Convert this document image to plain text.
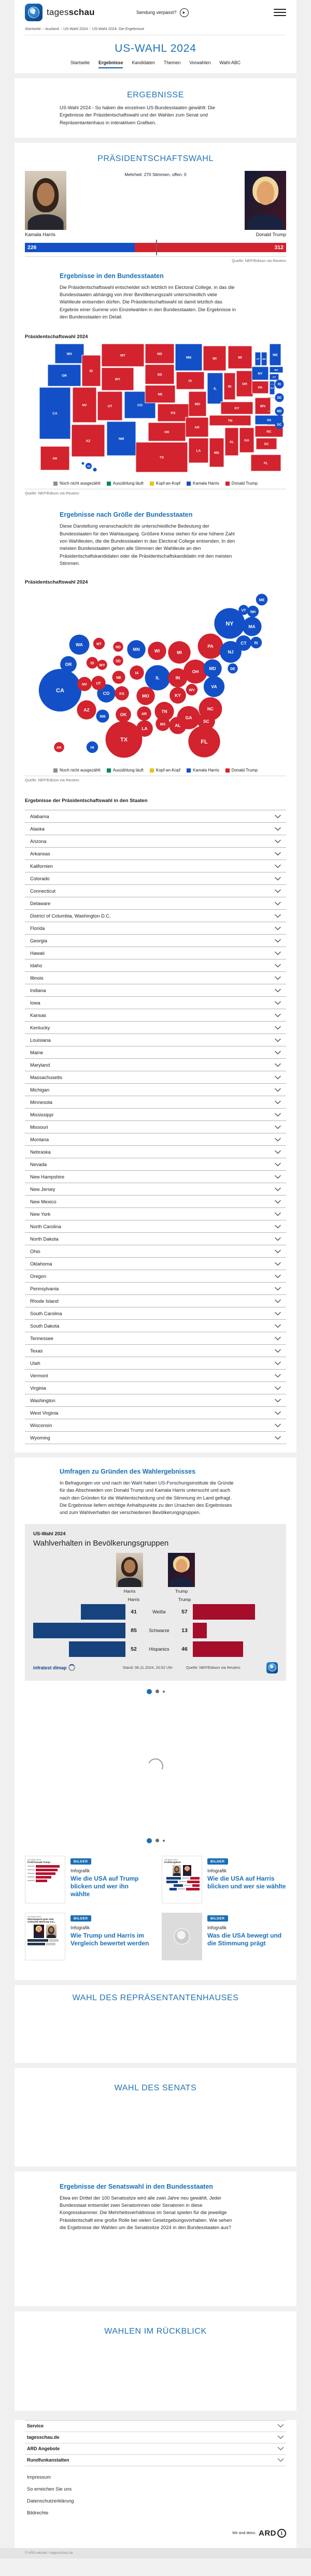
1	tagesschau	Sendung verpasst?	▶
Startseite › Ausland › US-Wahl 2024 › US-Wahl 2024: Die Ergebnisse
US-WAHL 2024
Startseite Ergebnisse Kandidaten Themen Vorwahlen Wahl-ABC
ERGEBNISSE

US-Wahl 2024 - So haben die einzelnen US-Bundesstaaten gewählt: Die Ergebnisse der Präsidentschaftswahl und der Wahlen zum Senat und Repräsentantenhaus in interaktiven Grafiken.

PRÄSIDENTSCHAFTSWAHL
Mehrheit: 270 Stimmen, offen: 0
Kamala Harris	Donald Trump
226	312
Quelle: NEP/Edison via Reuters
Ergebnisse in den Bundesstaaten

Die Präsidentschaftswahl entscheidet sich letztlich im Electoral College, in das die Bundesstaaten abhängig von ihrer Bevölkerungszahl unterschiedlich viele Wahlleute entsenden dürfen. Die Präsidentschaftswahl ist damit letztlich das Ergebnis einer Summe von Einzelwahlen in den Bundesstaaten. Die Ergebnisse in den Bundesstaaten im Detail.

Präsidentschaftswahl 2024

WA
OR
CA
NV
ID
MT
WY
UT	CO
AZ
NM
ND
SD
NE
KS
OK
TX
MN
IA
MO
AR
LA
WI
IL
MS
MI
IN
OH
KY
TN
AL	GA
WV
VA
NC
SC
FL
NY
PA
VT NH
ME
MA
CT
NJ
AK
RI
DE
MD
DC
HI
Noch nicht ausgezählt	Auszählung läuft	Kopf-an-Kopf	Kamala Harris	Donald Trump
Quelle: NEP/Edison via Reuters
Ergebnisse nach Größe der Bundesstaaten

Diese Darstellung veranschaulicht die unterschiedliche Bedeutung der Bundesstaaten für den Wahlausgang. Größere Kreise stehen für eine höhere Zahl von Wahlleuten, die die Bundesstaaten in das Electoral College entsenden. In den meisten Bundesstaaten gehen alle Stimmen der Wahlleute an den Präsidentschaftskandidaten oder die Präsidentschaftskandidatin mit den meisten Stimmen.

Präsidentschaftswahl 2024

CA
TX	FL
NY
IL
PA
OH
GA
NC
MI	NJ
VA
WA
AZ
IN
MA
TN
CO
MD
MN
MO
WI
AL
SC
KY
LA
OR
CT
OK	AR
IA
KS
MS
NV UT
NE
NM
HI
ID
ME
MT
NH
RI
WV
AK
DE
ND
SD
VT
WY
Noch nicht ausgezählt	Auszählung läuft	Kopf-an-Kopf	Kamala Harris	Donald Trump
Quelle: NEP/Edison via Reuters

Ergebnisse der Präsidentschaftswahl in den Staaten

Alabama
Alaska
Arizona
Arkansas
Kalifornien
Colorado
Connecticut
Delaware
District of Columbia, Washington D.C.
Florida
Georgia
Hawaii
Idaho
Illinois
Indiana
Iowa
Kansas
Kentucky
Louisiana
Maine
Maryland
Massachusetts
Michigan
Minnesota
Mississippi
Missouri
Montana
Nebraska
Nevada
New Hampshire
New Jersey
New Mexico
New York
North Carolina
North Dakota
Ohio
Oklahoma
Oregon
Pennsylvania
Rhode Island
South Carolina
South Dakota
Tennessee
Texas
Utah
Vermont
Virginia
Washington
West Virginia
Wisconsin
Wyoming
Umfragen zu Gründen des Wahlergebnisses

In Befragungen vor und nach der Wahl haben US-Forschungsinstitute die Gründe für das Abschneiden von Donald Trump und Kamala Harris untersucht und auch nach den Gründen für die Wahlentscheidung und die Stimmung im Land gefragt. Die Ergebnisse liefern wichtige Anhaltspunkte zu den Ursachen des Ergebnisses und zum Wahlverhalten der verschiedenen Bevölkerungsgruppen.

US-Wahl 2024
Wahlverhalten in Bevölkerungsgruppen
Harris	Trump
Harris	Trump
41	Weiße	57
85	Schwarze	13
52	Hispanics	46
infratest dimap	Stand: 06.11.2024, 20:52 Uhr	Quelle: NEP/Edison via Reuters
US-Wahl 2024
Profil Donald Trump	BILDER
Infografik
Wie die USA auf Trump blicken und wer ihn wählte
US-Wahl 2024
Profilvergleich	BILDER
Infografik
Wie die USA auf Harris blicken und wer sie wählte
US-Wahl 2024
Überwiegend gute oder schlechte Meinung von...
BILDER
Infografik
Wie Trump und Harris im Vergleich bewertet werden
BILDER
Infografik
Was die USA bewegt und die Stimmung prägt
WAHL DES REPRÄSENTANTENHAUSES
WAHL DES SENATS
Ergebnisse der Senatswahl in den Bundesstaaten

Etwa ein Drittel der 100 Senatssitze wird alle zwei Jahre neu gewählt. Jeder Bundesstaat entsendet zwei Senatorinnen oder Senatoren in diese Kongresskammer. Die Mehrheitsverhältnisse im Senat spielen für die jeweilige Präsidentschaft eine große Rolle bei vielen Gesetzgebungsvorhaben. Wie sehen die Ergebnisse der Wahlen um die Senatssitze 2024 in den Bundesstaaten aus?

WAHLEN IM RÜCKBLICK
Service
tagesschau.de
ARD Angebote
Rundfunkanstalten
Impressum
So erreichen Sie uns
Datenschutzerklärung
Bildrechte
Wir sind deins. ARD	1
© ARD-aktuell / tagesschau.de
